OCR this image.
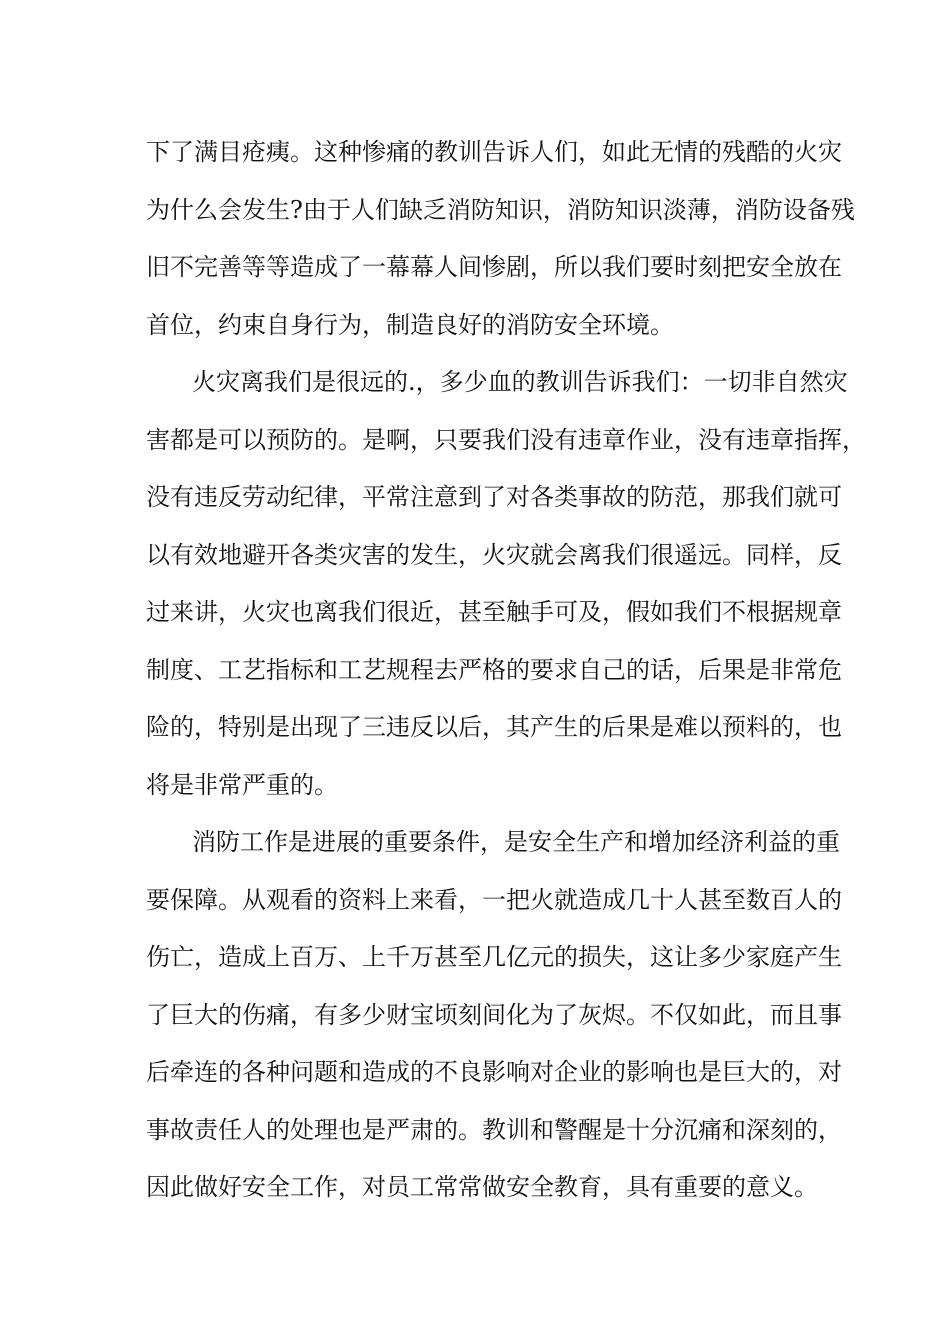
下了满目疮痍。这种惨痛的教训告诉人们，如此无情的残酷的火灾
为什么会发生?由于人们缺乏消防知识，消防知识淡薄，消防设备残
旧不完善等等造成了一幕幕人间惨剧，所以我们要时刻把安全放在
首位，约束自身行为，制造良好的消防安全环境。
火灾离我们是很远的.，多少血的教训告诉我们：一切非自然灾
害都是可以预防的。是啊，只要我们没有违章作业，没有违章指挥，
没有违反劳动纪律，平常注意到了对各类事故的防范，那我们就可
以有效地避开各类灾害的发生，火灾就会离我们很遥远。同样，反
过来讲，火灾也离我们很近，甚至触手可及，假如我们不根据规章
制度、工艺指标和工艺规程去严格的要求自己的话，后果是非常危
险的，特别是出现了三违反以后，其产生的后果是难以预料的，也
将是非常严重的。
消防工作是进展的重要条件，是安全生产和增加经济利益的重
要保障。从观看的资料上来看，一把火就造成几十人甚至数百人的
伤亡，造成上百万、上千万甚至几亿元的损失，这让多少家庭产生
了巨大的伤痛，有多少财宝顷刻间化为了灰烬。不仅如此，而且事
后牵连的各种问题和造成的不良影响对企业的影响也是巨大的，对
事故责任人的处理也是严肃的。教训和警醒是十分沉痛和深刻的，
因此做好安全工作，对员工常常做安全教育，具有重要的意义。
